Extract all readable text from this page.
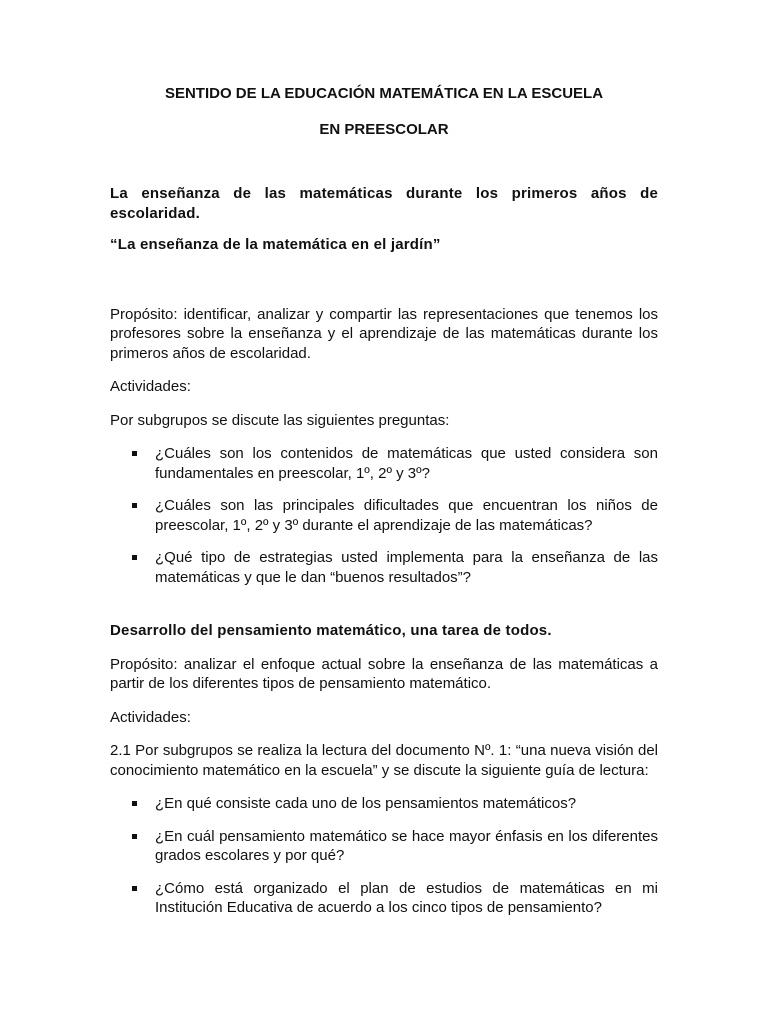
SENTIDO DE LA EDUCACIÓN MATEMÁTICA EN LA ESCUELA

EN PREESCOLAR

La enseñanza de las matemáticas durante los primeros años de escolaridad.

“La enseñanza de la matemática en el jardín”

Propósito: identificar, analizar y compartir las representaciones que tenemos los profesores sobre la enseñanza y el aprendizaje de las matemáticas durante los primeros años de escolaridad.

Actividades:

Por subgrupos se discute las siguientes preguntas:

¿Cuáles son los contenidos de matemáticas que usted considera son fundamentales en preescolar, 1º, 2º y 3º?
¿Cuáles son las principales dificultades que encuentran los niños de preescolar, 1º, 2º y 3º durante el aprendizaje de las matemáticas?
¿Qué tipo de estrategias usted implementa para la enseñanza de las matemáticas y que le dan “buenos resultados”?

Desarrollo del pensamiento matemático, una tarea de todos.

Propósito: analizar el enfoque actual sobre la enseñanza de las matemáticas a partir de los diferentes tipos de pensamiento matemático.

Actividades:

2.1 Por subgrupos se realiza la lectura del documento Nº. 1: “una nueva visión del conocimiento matemático en la escuela” y se discute la siguiente guía de lectura:

¿En qué consiste cada uno de los pensamientos matemáticos?
¿En cuál pensamiento matemático se hace mayor énfasis en los diferentes grados escolares y por qué?
¿Cómo está organizado el plan de estudios de matemáticas en mi Institución Educativa de acuerdo a los cinco tipos de pensamiento?
